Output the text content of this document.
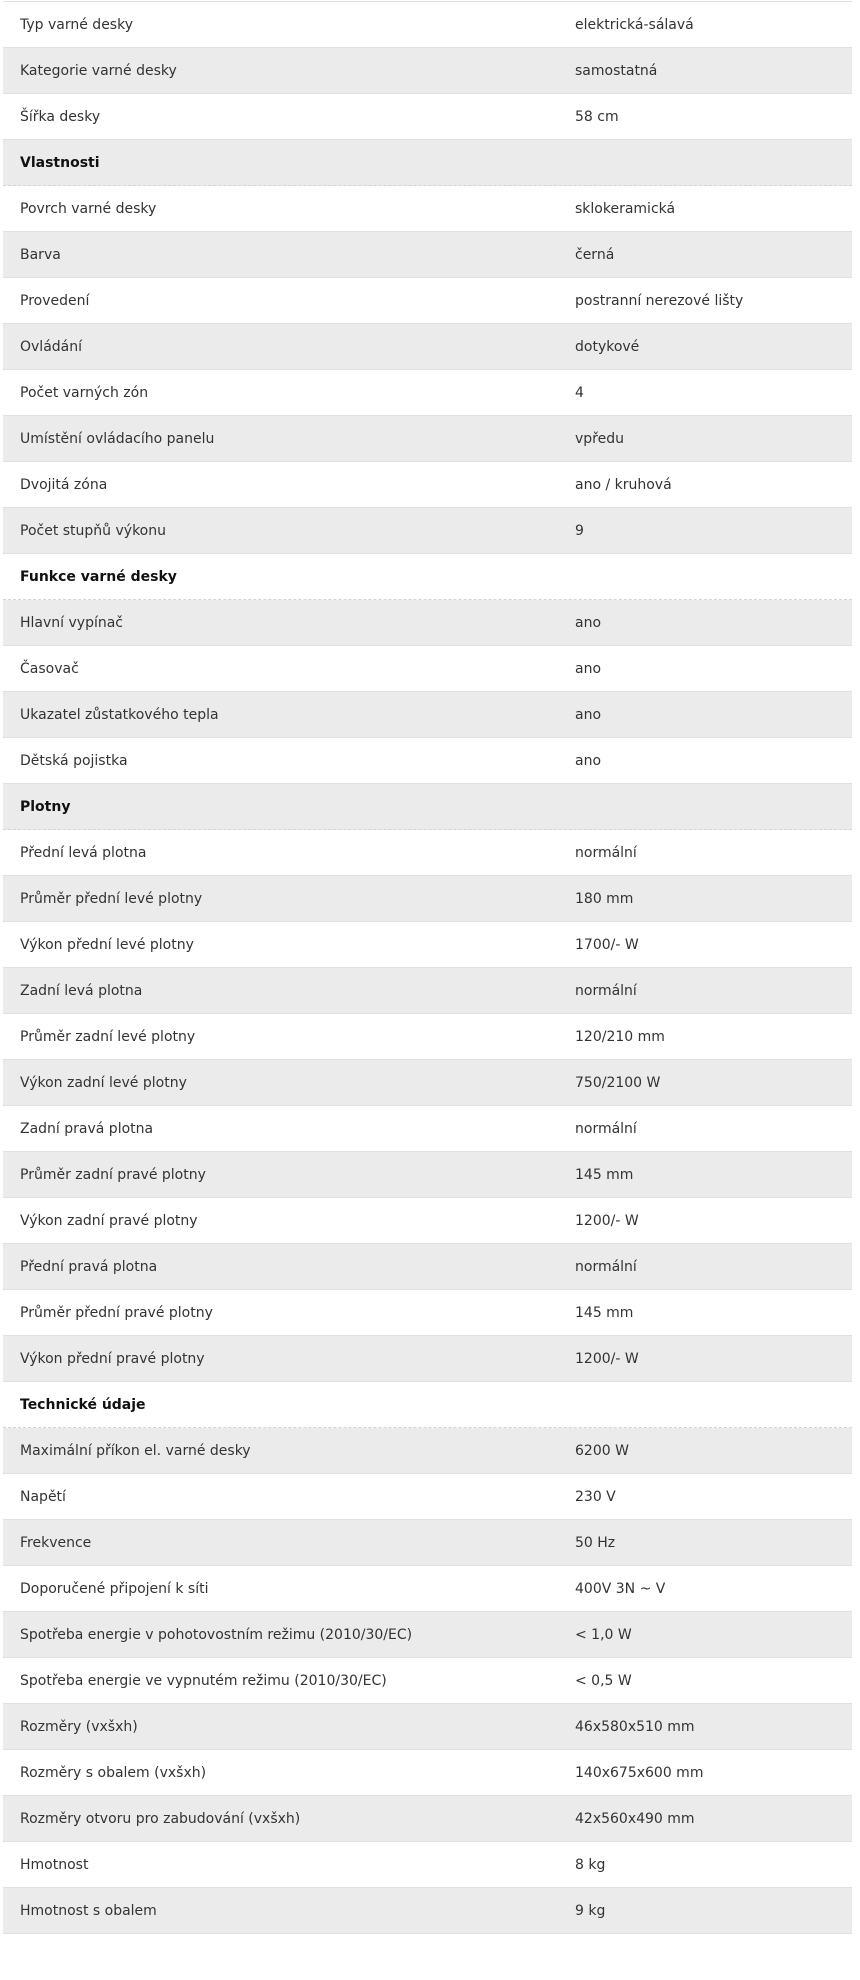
Typ varné desky	elektrická-sálavá
Kategorie varné desky	samostatná
Šířka desky	58 cm
Vlastnosti
Povrch varné desky	sklokeramická
Barva	černá
Provedení	postranní nerezové lišty
Ovládání	dotykové
Počet varných zón	4
Umístění ovládacího panelu	vpředu
Dvojitá zóna	ano / kruhová
Počet stupňů výkonu	9
Funkce varné desky
Hlavní vypínač	ano
Časovač	ano
Ukazatel zůstatkového tepla	ano
Dětská pojistka	ano
Plotny
Přední levá plotna	normální
Průměr přední levé plotny	180 mm
Výkon přední levé plotny	1700/- W
Zadní levá plotna	normální
Průměr zadní levé plotny	120/210 mm
Výkon zadní levé plotny	750/2100 W
Zadní pravá plotna	normální
Průměr zadní pravé plotny	145 mm
Výkon zadní pravé plotny	1200/- W
Přední pravá plotna	normální
Průměr přední pravé plotny	145 mm
Výkon přední pravé plotny	1200/- W
Technické údaje
Maximální příkon el. varné desky	6200 W
Napětí	230 V
Frekvence	50 Hz
Doporučené připojení k síti	400V 3N ~ V
Spotřeba energie v pohotovostním režimu (2010/30/EC)	< 1,0 W
Spotřeba energie ve vypnutém režimu (2010/30/EC)	< 0,5 W
Rozměry (vxšxh)	46x580x510 mm
Rozměry s obalem (vxšxh)	140x675x600 mm
Rozměry otvoru pro zabudování (vxšxh)	42x560x490 mm
Hmotnost	8 kg
Hmotnost s obalem	9 kg
